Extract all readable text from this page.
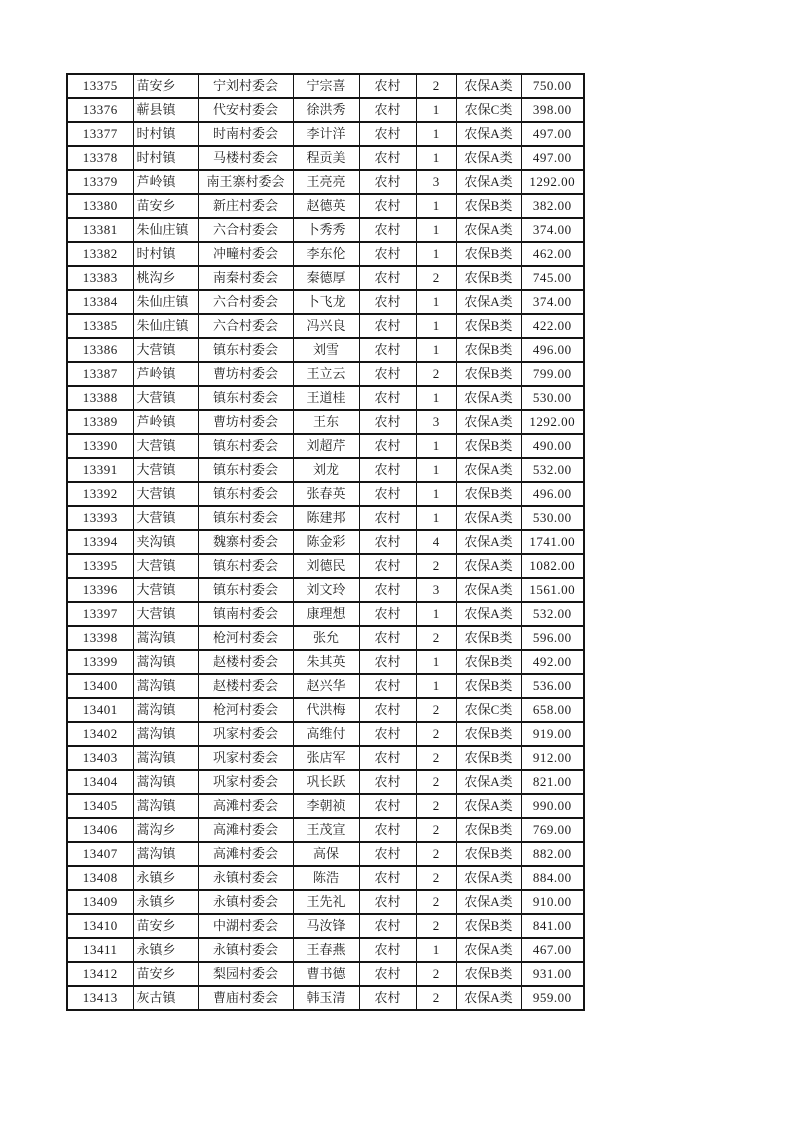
13375	苗安乡	宁刘村委会	宁宗喜	农村	2	农保A类	750.00
13376	蕲县镇	代安村委会	徐洪秀	农村	1	农保C类	398.00
13377	时村镇	时南村委会	李计洋	农村	1	农保A类	497.00
13378	时村镇	马楼村委会	程贡美	农村	1	农保A类	497.00
13379	芦岭镇	南王寨村委会	王亮亮	农村	3	农保A类	1292.00
13380	苗安乡	新庄村委会	赵德英	农村	1	农保B类	382.00
13381	朱仙庄镇	六合村委会	卜秀秀	农村	1	农保A类	374.00
13382	时村镇	冲疃村委会	李东伦	农村	1	农保B类	462.00
13383	桃沟乡	南秦村委会	秦德厚	农村	2	农保B类	745.00
13384	朱仙庄镇	六合村委会	卜飞龙	农村	1	农保A类	374.00
13385	朱仙庄镇	六合村委会	冯兴良	农村	1	农保B类	422.00
13386	大营镇	镇东村委会	刘雪	农村	1	农保B类	496.00
13387	芦岭镇	曹坊村委会	王立云	农村	2	农保B类	799.00
13388	大营镇	镇东村委会	王道桂	农村	1	农保A类	530.00
13389	芦岭镇	曹坊村委会	王东	农村	3	农保A类	1292.00
13390	大营镇	镇东村委会	刘超芹	农村	1	农保B类	490.00
13391	大营镇	镇东村委会	刘龙	农村	1	农保A类	532.00
13392	大营镇	镇东村委会	张春英	农村	1	农保B类	496.00
13393	大营镇	镇东村委会	陈建邦	农村	1	农保A类	530.00
13394	夹沟镇	魏寨村委会	陈金彩	农村	4	农保A类	1741.00
13395	大营镇	镇东村委会	刘德民	农村	2	农保A类	1082.00
13396	大营镇	镇东村委会	刘文玲	农村	3	农保A类	1561.00
13397	大营镇	镇南村委会	康理想	农村	1	农保A类	532.00
13398	蒿沟镇	枪河村委会	张允	农村	2	农保B类	596.00
13399	蒿沟镇	赵楼村委会	朱其英	农村	1	农保B类	492.00
13400	蒿沟镇	赵楼村委会	赵兴华	农村	1	农保B类	536.00
13401	蒿沟镇	枪河村委会	代洪梅	农村	2	农保C类	658.00
13402	蒿沟镇	巩家村委会	高维付	农村	2	农保B类	919.00
13403	蒿沟镇	巩家村委会	张店军	农村	2	农保B类	912.00
13404	蒿沟镇	巩家村委会	巩长跃	农村	2	农保A类	821.00
13405	蒿沟镇	高滩村委会	李朝祯	农村	2	农保A类	990.00
13406	蒿沟乡	高滩村委会	王茂宣	农村	2	农保B类	769.00
13407	蒿沟镇	高滩村委会	高保	农村	2	农保B类	882.00
13408	永镇乡	永镇村委会	陈浩	农村	2	农保A类	884.00
13409	永镇乡	永镇村委会	王先礼	农村	2	农保A类	910.00
13410	苗安乡	中湖村委会	马汝锋	农村	2	农保B类	841.00
13411	永镇乡	永镇村委会	王春燕	农村	1	农保A类	467.00
13412	苗安乡	梨园村委会	曹书德	农村	2	农保B类	931.00
13413	灰古镇	曹庙村委会	韩玉清	农村	2	农保A类	959.00
